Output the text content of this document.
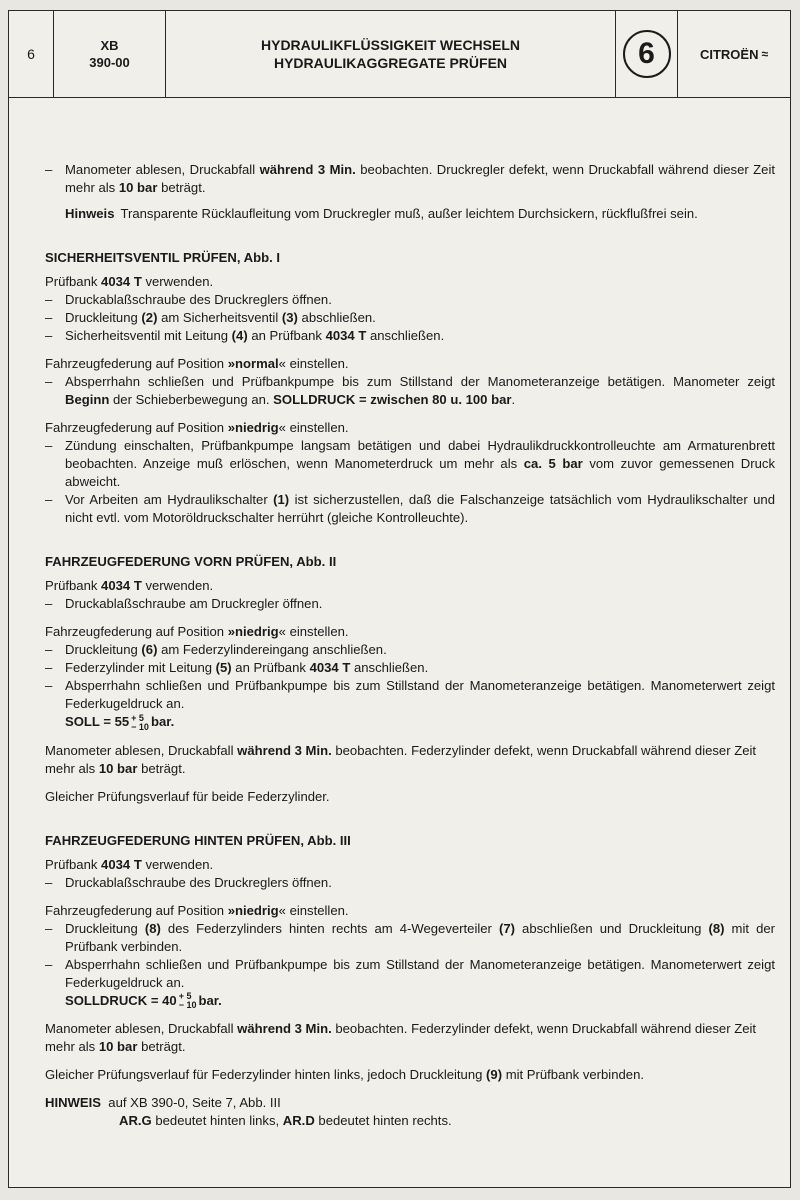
6
XB
390-00
HYDRAULIKFLÜSSIGKEIT WECHSELN
HYDRAULIKAGGREGATE PRÜFEN	6	CITROËN ≈
– Manometer ablesen, Druckabfall während 3 Min. beobachten. Druckregler defekt, wenn Druckabfall während dieser Zeit mehr als 10 bar beträgt.
Hinweis Transparente Rücklaufleitung vom Druckregler muß, außer leichtem Durchsickern, rückflußfrei sein.
SICHERHEITSVENTIL PRÜFEN, Abb. I

Prüfbank 4034 T verwenden.

– Druckablaßschraube des Druckreglers öffnen.
– Druckleitung (2) am Sicherheitsventil (3) abschließen.
– Sicherheitsventil mit Leitung (4) an Prüfbank 4034 T anschließen.

Fahrzeugfederung auf Position »normal« einstellen.

– Absperrhahn schließen und Prüfbankpumpe bis zum Stillstand der Manometeranzeige betätigen. Manometer zeigt Beginn der Schieberbewegung an. SOLLDRUCK = zwischen 80 u. 100 bar.

Fahrzeugfederung auf Position »niedrig« einstellen.

– Zündung einschalten, Prüfbankpumpe langsam betätigen und dabei Hydraulikdruckkontrolleuchte am Armaturenbrett beobachten. Anzeige muß erlöschen, wenn Manometerdruck um mehr als ca. 5 bar vom zuvor gemessenen Druck abweicht.
– Vor Arbeiten am Hydraulikschalter (1) ist sicherzustellen, daß die Falschanzeige tatsächlich vom Hydraulikschalter und nicht evtl. vom Motoröldruckschalter herrührt (gleiche Kontrolleuchte).
FAHRZEUGFEDERUNG VORN PRÜFEN, Abb. II

Prüfbank 4034 T verwenden.

– Druckablaßschraube am Druckregler öffnen.

Fahrzeugfederung auf Position »niedrig« einstellen.

– Druckleitung (6) am Federzylindereingang anschließen.
– Federzylinder mit Leitung (5) an Prüfbank 4034 T anschließen.
– Absperrhahn schließen und Prüfbankpumpe bis zum Stillstand der Manometeranzeige betätigen. Manometerwert zeigt Federkugeldruck an.

SOLL = 55 + 5
− 10 bar.

Manometer ablesen, Druckabfall während 3 Min. beobachten. Federzylinder defekt, wenn Druckabfall während dieser Zeit mehr als 10 bar beträgt.

Gleicher Prüfungsverlauf für beide Federzylinder.

FAHRZEUGFEDERUNG HINTEN PRÜFEN, Abb. III

Prüfbank 4034 T verwenden.

– Druckablaßschraube des Druckreglers öffnen.

Fahrzeugfederung auf Position »niedrig« einstellen.

– Druckleitung (8) des Federzylinders hinten rechts am 4-Wegeverteiler (7) abschließen und Druckleitung (8) mit der Prüfbank verbinden.
– Absperrhahn schließen und Prüfbankpumpe bis zum Stillstand der Manometeranzeige betätigen. Manometerwert zeigt Federkugeldruck an.

SOLLDRUCK = 40 + 5
− 10 bar.

Manometer ablesen, Druckabfall während 3 Min. beobachten. Federzylinder defekt, wenn Druckabfall während dieser Zeit mehr als 10 bar beträgt.

Gleicher Prüfungsverlauf für Federzylinder hinten links, jedoch Druckleitung (9) mit Prüfbank verbinden.

HINWEIS auf XB 390-0, Seite 7, Abb. III

AR.G bedeutet hinten links, AR.D bedeutet hinten rechts.
